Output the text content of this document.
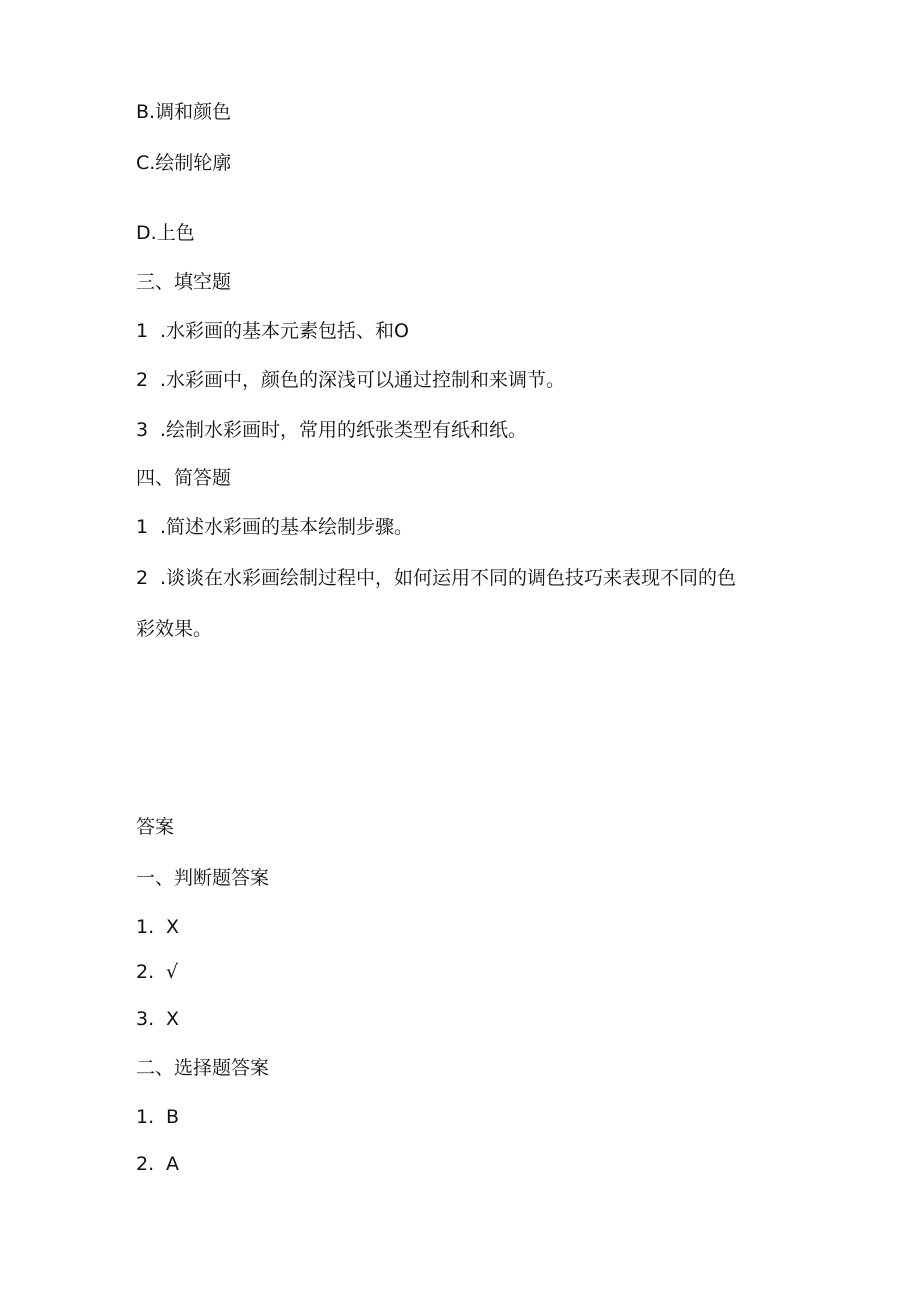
B.调和颜色

C.绘制轮廓

D.上色

三、填空题

1 .水彩画的基本元素包括、和O

2 .水彩画中，颜色的深浅可以通过控制和来调节。

3 .绘制水彩画时，常用的纸张类型有纸和纸。

四、简答题

1 .简述水彩画的基本绘制步骤。

2 .谈谈在水彩画绘制过程中，如何运用不同的调色技巧来表现不同的色

彩效果。

答案

一、判断题答案

1. X

2. √

3. X

二、选择题答案

1. B

2. A
